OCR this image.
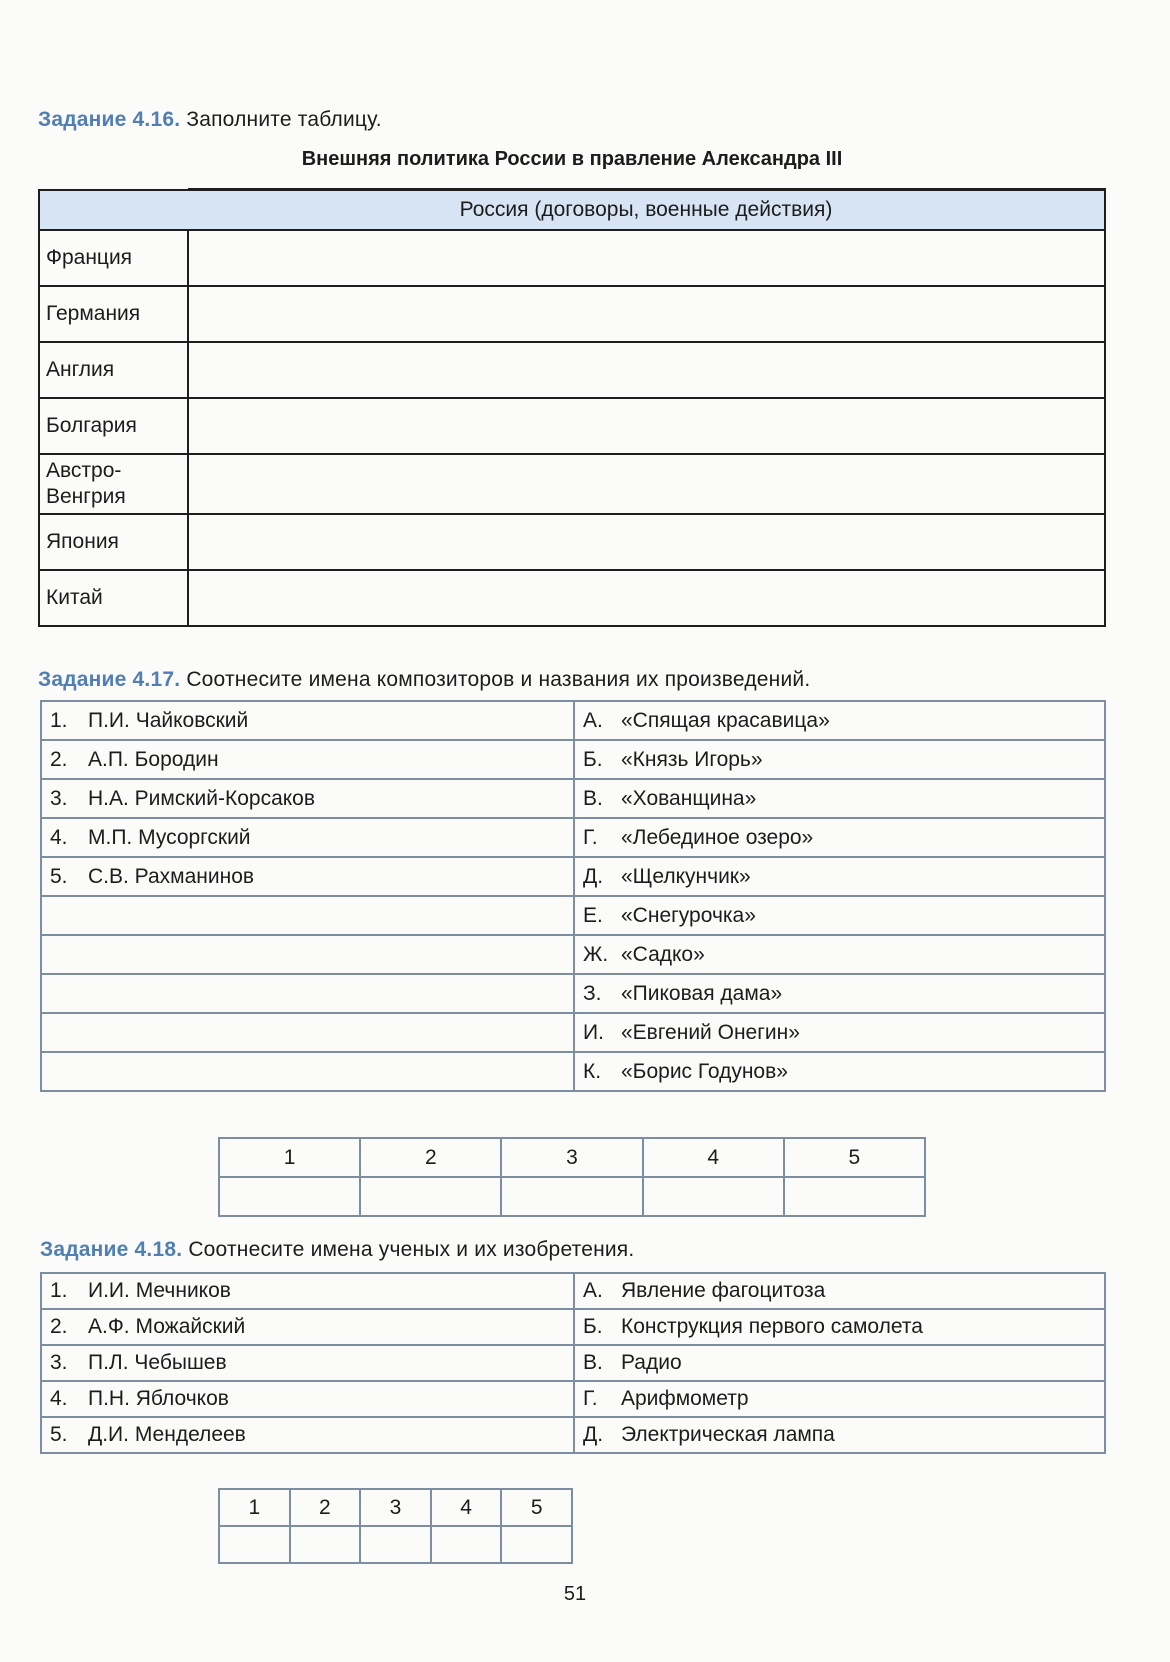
Задание 4.16. Заполните таблицу.
Внешняя политика России в правление Александра III
	Россия (договоры, военные действия)
Франция	
Германия	
Англия	
Болгария	
Австро-Венгрия	
Япония	
Китай	
Задание 4.17. Соотнесите имена композиторов и названия их произведений.
1. П.И. Чайковский	А. «Спящая красавица»
2. А.П. Бородин	Б. «Князь Игорь»
3. Н.А. Римский-Корсаков	В. «Хованщина»
4. М.П. Мусоргский	Г. «Лебединое озеро»
5. С.В. Рахманинов	Д. «Щелкунчик»
	Е. «Снегурочка»
	Ж. «Садко»
	З. «Пиковая дама»
	И. «Евгений Онегин»
	К. «Борис Годунов»
1	2	3	4	5

Задание 4.18. Соотнесите имена ученых и их изобретения.
1. И.И. Мечников	А. Явление фагоцитоза
2. А.Ф. Можайский	Б. Конструкция первого самолета
3. П.Л. Чебышев	В. Радио
4. П.Н. Яблочков	Г. Арифмометр
5. Д.И. Менделеев	Д. Электрическая лампа
1	2	3	4	5

51
